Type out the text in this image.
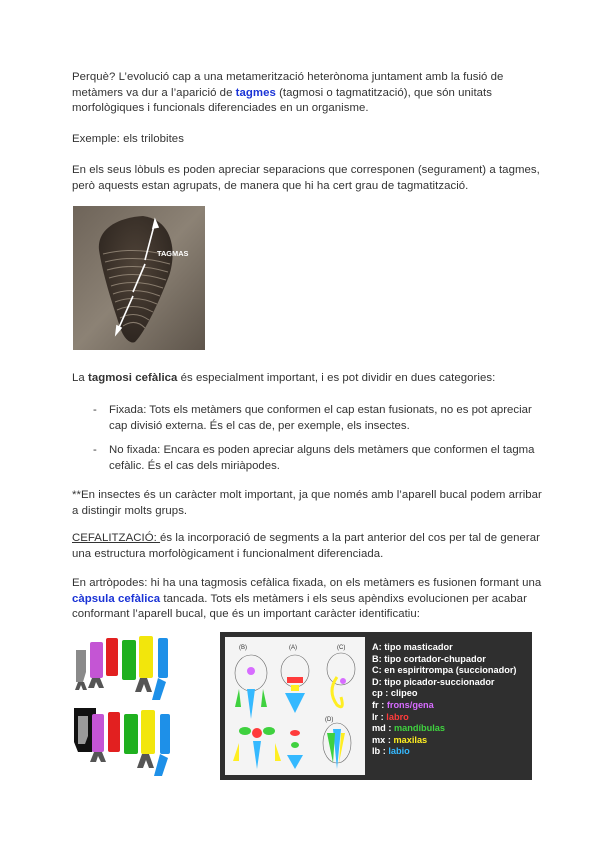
Perquè? L’evolució cap a una metamerització heterònoma juntament amb la fusió de
metàmers va dur a l’aparició de tagmes (tagmosi o tagmatització), que són unitats
morfològiques i funcionals diferenciades en un organisme.

Exemple: els trilobites

En els seus lòbuls es poden apreciar separacions que corresponen (segurament) a tagmes,
però aquests estan agrupats, de manera que hi ha cert grau de tagmatització.

TAGMAS

La tagmosi cefàlica és especialment important, i es pot dividir en dues categories:

- Fixada: Tots els metàmers que conformen el cap estan fusionats, no es pot apreciar
cap divisió externa. És el cas de, per exemple, els insectes.
- No fixada: Encara es poden apreciar alguns dels metàmers que conformen el tagma
cefàlic. És el cas dels miriàpodes.

**En insectes és un caràcter molt important, ja que només amb l’aparell bucal podem arribar
a distingir molts grups.

CEFALITZACIÓ: és la incorporació de segments a la part anterior del cos per tal de generar
una estructura morfològicament i funcionalment diferenciada.

En artròpodes: hi ha una tagmosis cefàlica fixada, on els metàmers es fusionen formant una
càpsula cefàlica tancada. Tots els metàmers i els seus apèndixs evolucionen per acabar
conformant l’aparell bucal, que és un important caràcter identificatiu:

(B)	(A)	(C)
(D)
A: tipo masticador
B: tipo cortador-chupador
C: en espiritrompa (succionador)
D: tipo picador-succionador
cp : clipeo
fr : frons/gena
lr : labro
md : mandíbulas
mx : maxilas
lb : labio
